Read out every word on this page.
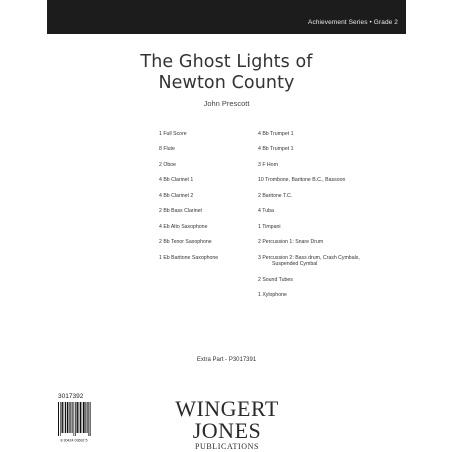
Achievement Series • Grade 2
The Ghost Lights of
Newton County
John Prescott
1 Full Score
8 Flute
2 Oboe
4 Bb Clarinet 1
4 Bb Clarinet 2
2 Bb Bass Clarinet
4 Eb Alto Saxophone
2 Bb Tenor Saxophone
1 Eb Baritone Saxophone
4 Bb Trumpet 1
4 Bb Trumpet 1
3 F Horn
10 Trombone, Baritone B.C., Bassoon
2 Baritone T.C.
4 Tuba
1 Timpani
2 Percussion 1: Snare Drum
3 Percussion 2: Bass drum, Crash Cymbals,
Suspended Cymbal
2 Sound Tubes
1 Xylophone
Extra Part - P3017391
3017392
8 30424 03692 5
WINGERT
JONES
PUBLICATIONS
